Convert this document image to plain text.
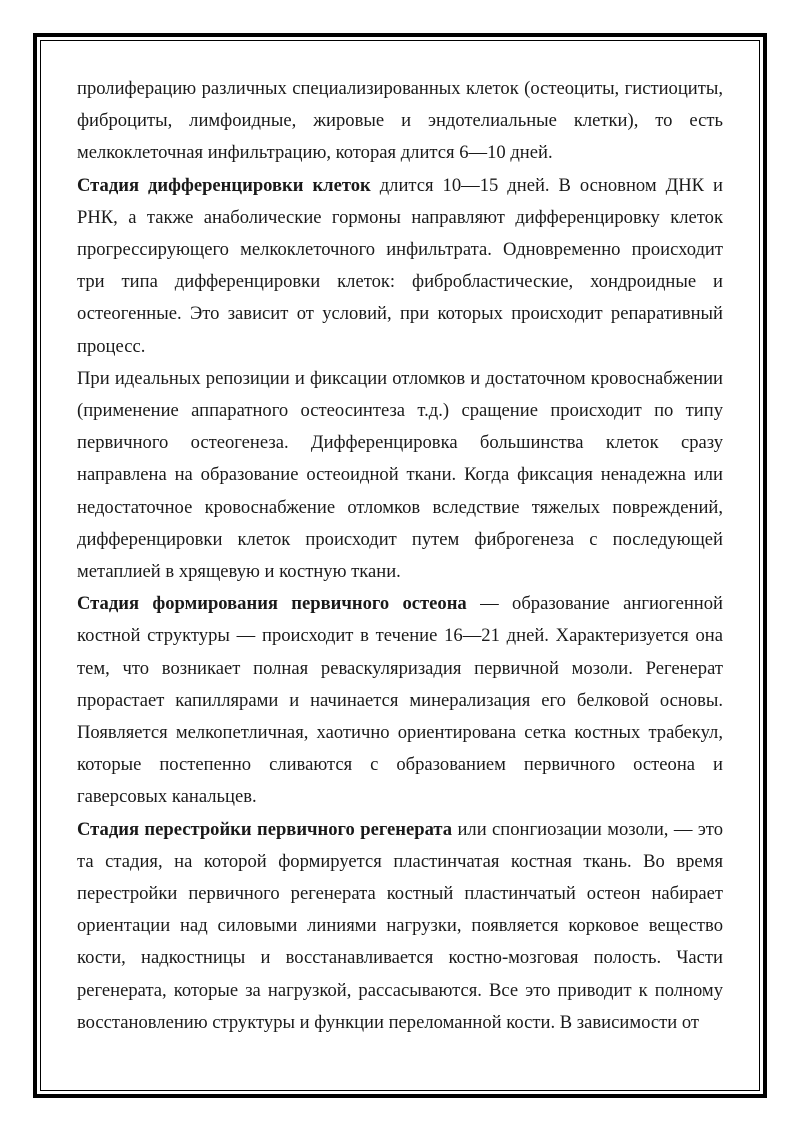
пролиферацию различных специализированных клеток (остеоциты, гистиоциты, фиброциты, лимфоидные, жировые и эндотелиальные клетки), то есть мелкоклеточная инфильтрацию, которая длится 6—10 дней.

Стадия дифференцировки клеток длится 10—15 дней. В основном ДНК и РНК, а также анаболические гормоны направляют дифференцировку клеток прогрессирующего мелкоклеточного инфильтрата. Одновременно происходит три типа дифференцировки клеток: фибробластические, хондроидные и остеогенные. Это зависит от условий, при которых происходит репаративный процесс.

При идеальных репозиции и фиксации отломков и достаточном кровоснабжении (применение аппаратного остеосинтеза т.д.) сращение происходит по типу первичного остеогенеза. Дифференцировка большинства клеток сразу направлена на образование остеоидной ткани. Когда фиксация ненадежна или недостаточное кровоснабжение отломков вследствие тяжелых повреждений, дифференцировки клеток происходит путем фиброгенеза с последующей метаплией в хрящевую и костную ткани.

Стадия формирования первичного остеона — образование ангиогенной костной структуры — происходит в течение 16—21 дней. Характеризуется она тем, что возникает полная реваскуляризадия первичной мозоли. Регенерат прорастает капиллярами и начинается минерализация его белковой основы. Появляется мелкопетличная, хаотично ориентирована сетка костных трабекул, которые постепенно сливаются с образованием первичного остеона и гаверсовых канальцев.

Стадия перестройки первичного регенерата или спонгиозации мозоли, — это та стадия, на которой формируется пластинчатая костная ткань. Во время перестройки первичного регенерата костный пластинчатый остеон набирает ориентации над силовыми линиями нагрузки, появляется корковое вещество кости, надкостницы и восстанавливается костно-мозговая полость. Части регенерата, которые за нагрузкой, рассасываются. Все это приводит к полному восстановлению структуры и функции переломанной кости. В зависимости от
